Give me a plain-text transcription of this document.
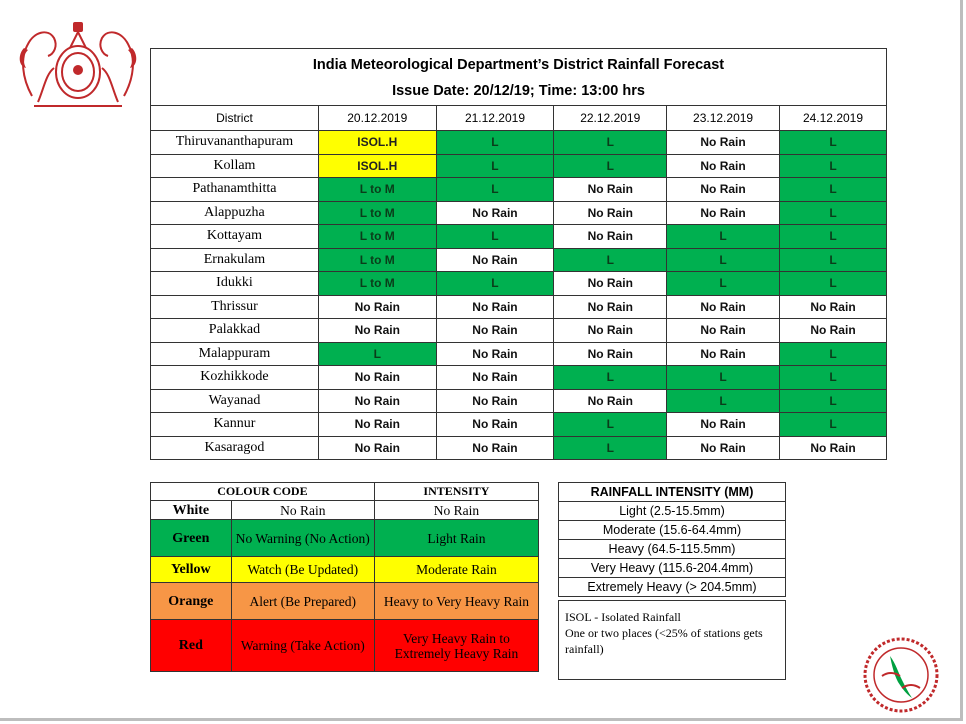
India Meteorological Department’s District Rainfall Forecast
Issue Date: 20/12/19; Time: 13:00 hrs					

District	20.12.2019	21.12.2019	22.12.2019	23.12.2019	24.12.2019
Thiruvananthapuram	ISOL.H	L	L	No Rain	L
Kollam	ISOL.H	L	L	No Rain	L
Pathanamthitta	L to M	L	No Rain	No Rain	L
Alappuzha	L to M	No Rain	No Rain	No Rain	L
Kottayam	L to M	L	No Rain	L	L
Ernakulam	L to M	No Rain	L	L	L
Idukki	L to M	L	No Rain	L	L
Thrissur	No Rain	No Rain	No Rain	No Rain	No Rain
Palakkad	No Rain	No Rain	No Rain	No Rain	No Rain
Malappuram	L	No Rain	No Rain	No Rain	L
Kozhikkode	No Rain	No Rain	L	L	L
Wayanad	No Rain	No Rain	No Rain	L	L
Kannur	No Rain	No Rain	L	No Rain	L
Kasaragod	No Rain	No Rain	L	No Rain	No Rain
COLOUR CODE		INTENSITY
White	No Rain	No Rain
Green	No Warning (No Action)	Light Rain
Yellow	Watch (Be Updated)	Moderate Rain
Orange	Alert (Be Prepared)	Heavy to Very Heavy Rain
Red	Warning (Take Action)	Very Heavy Rain to Extremely Heavy Rain
RAINFALL INTENSITY (MM)
Light (2.5-15.5mm)
Moderate (15.6-64.4mm)
Heavy (64.5-115.5mm)
Very Heavy (115.6-204.4mm)
Extremely Heavy (> 204.5mm)
ISOL - Isolated Rainfall
One or two places (<25% of stations gets rainfall)
